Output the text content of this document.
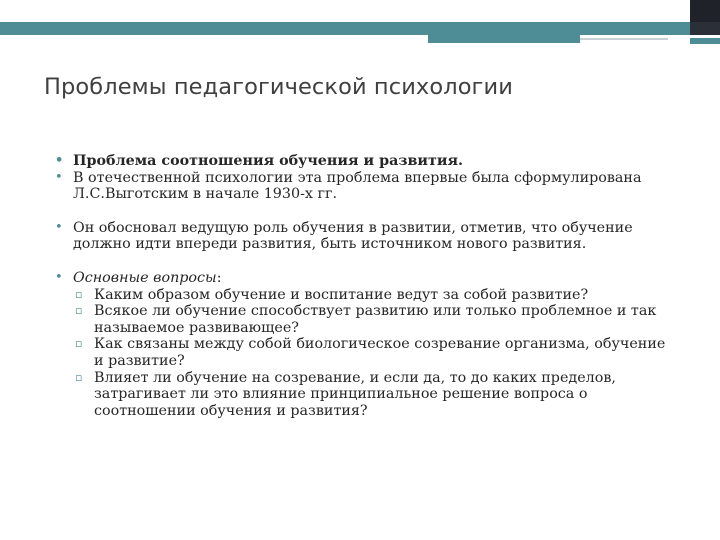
Проблемы педагогической психологии

• Проблема соотношения обучения и развития.

• В отечественной психологии эта проблема впервые была сформулирована Л.С.Выготским в начале 1930-х гг.

• Он обосновал ведущую роль обучения в развитии, отметив, что обучение должно идти впереди развития, быть источником нового развития.

• Основные вопросы:

▫ Каким образом обучение и воспитание ведут за собой развитие?

▫ Всякое ли обучение способствует развитию или только проблемное и так называемое развивающее?

▫ Как связаны между собой биологическое созревание организма, обучение и развитие?

▫ Влияет ли обучение на созревание, и если да, то до каких пределов, затрагивает ли это влияние принципиальное решение вопроса о соотношении обучения и развития?
